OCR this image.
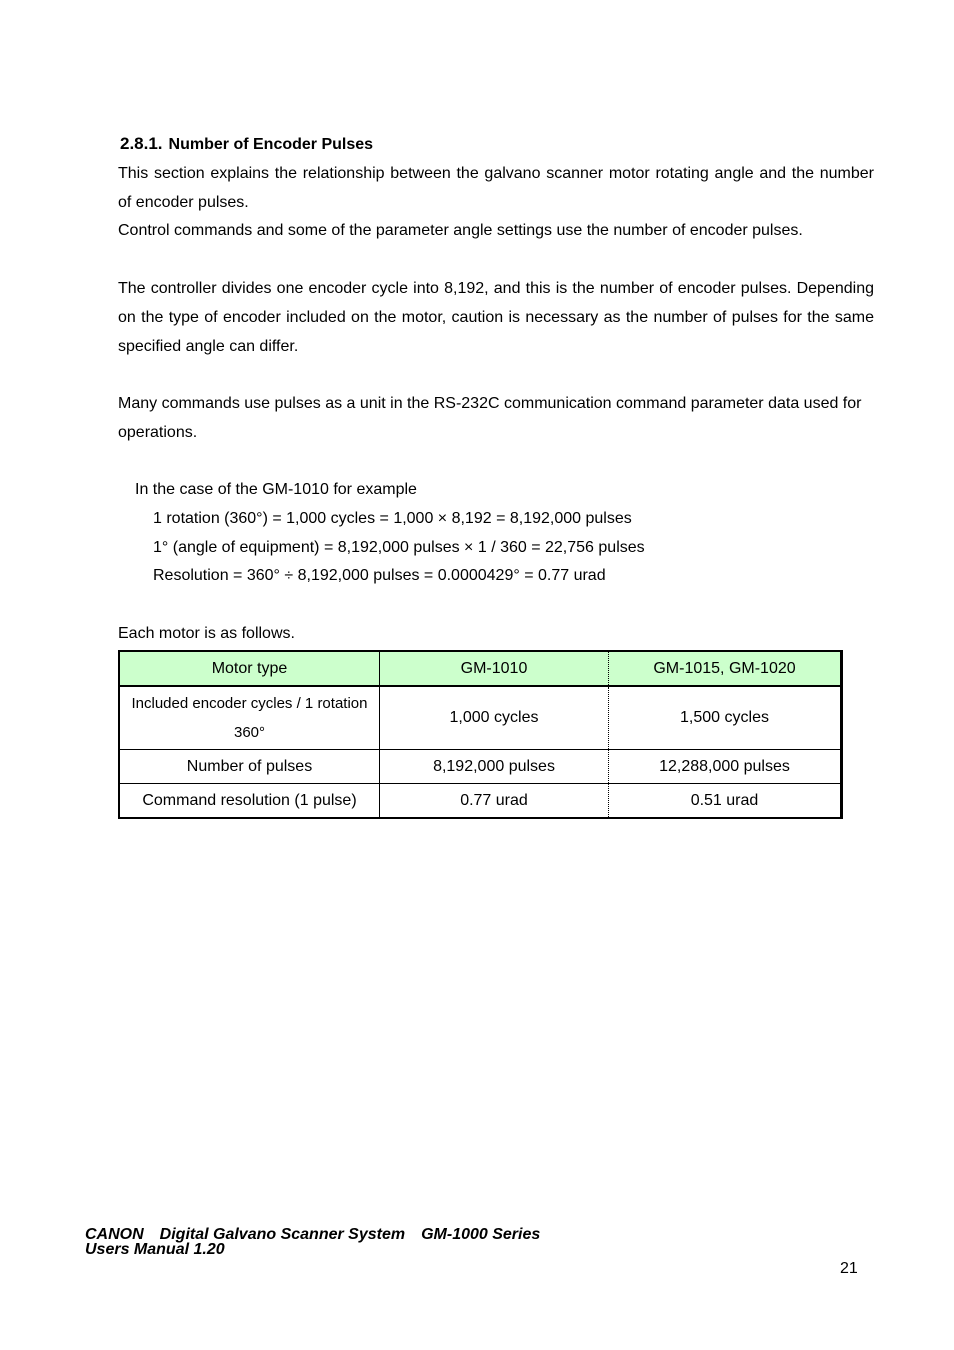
2.8.1. Number of Encoder Pulses

This section explains the relationship between the galvano scanner motor rotating angle and the number of encoder pulses.

Control commands and some of the parameter angle settings use the number of encoder pulses.

The controller divides one encoder cycle into 8,192, and this is the number of encoder pulses. Depending on the type of encoder included on the motor, caution is necessary as the number of pulses for the same specified angle can differ.

Many commands use pulses as a unit in the RS-232C communication command parameter data used for operations.

In the case of the GM-1010 for example
1 rotation (360°) = 1,000 cycles = 1,000 × 8,192 = 8,192,000 pulses
1° (angle of equipment) = 8,192,000 pulses × 1 / 360 = 22,756 pulses
Resolution = 360° ÷ 8,192,000 pulses = 0.0000429° = 0.77 urad
Each motor is as follows.
Motor type	GM-1010	GM-1015, GM-1020
Included encoder cycles / 1 rotation 360°	1,000 cycles	1,500 cycles
Number of pulses	8,192,000 pulses	12,288,000 pulses
Command resolution (1 pulse)	0.77 urad	0.51 urad
CANON　Digital Galvano Scanner System　GM-1000 Series
Users Manual 1.20
21
